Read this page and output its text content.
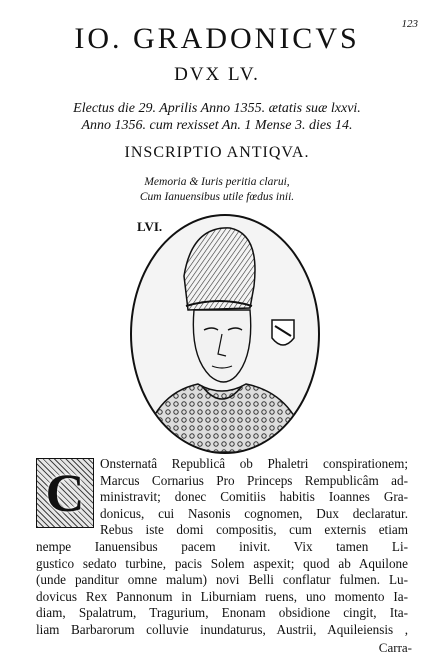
123
IO. GRADONICVS
DVX LV.
Electus die 29. Aprilis Anno 1355. ætatis suæ lxxvi.
Anno 1356. cum rexisset An. 1 Mense 3. dies 14.
INSCRIPTIO ANTIQVA.
Memoria & Iuris peritia clarui,
Cum Ianuensibus utile fœdus inii.
LVI.
C	Onsternatâ Republicâ ob Phaletri conspirationem;
Marcus Cornarius Pro Princeps Rempublicâm ad-
ministravit; donec Comitiis habitis Ioannes Gra-
donicus, cui Nasonis cognomen, Dux declaratur.
Rebus iste domi compositis, cum externis etiam
nempe Ianuensibus pacem inivit. Vix tamen Li-
gustico sedato turbine, pacis Solem aspexit; quod ab Aquilone
(unde panditur omne malum) novi Belli conflatur fulmen. Lu-
dovicus Rex Pannonum in Liburniam ruens, uno momento Ia-
diam, Spalatrum, Tragurium, Enonam obsidione cingit, Ita-
liam Barbarorum colluvie inundaturus, Austrii, Aquileiensis ,
Carra-
